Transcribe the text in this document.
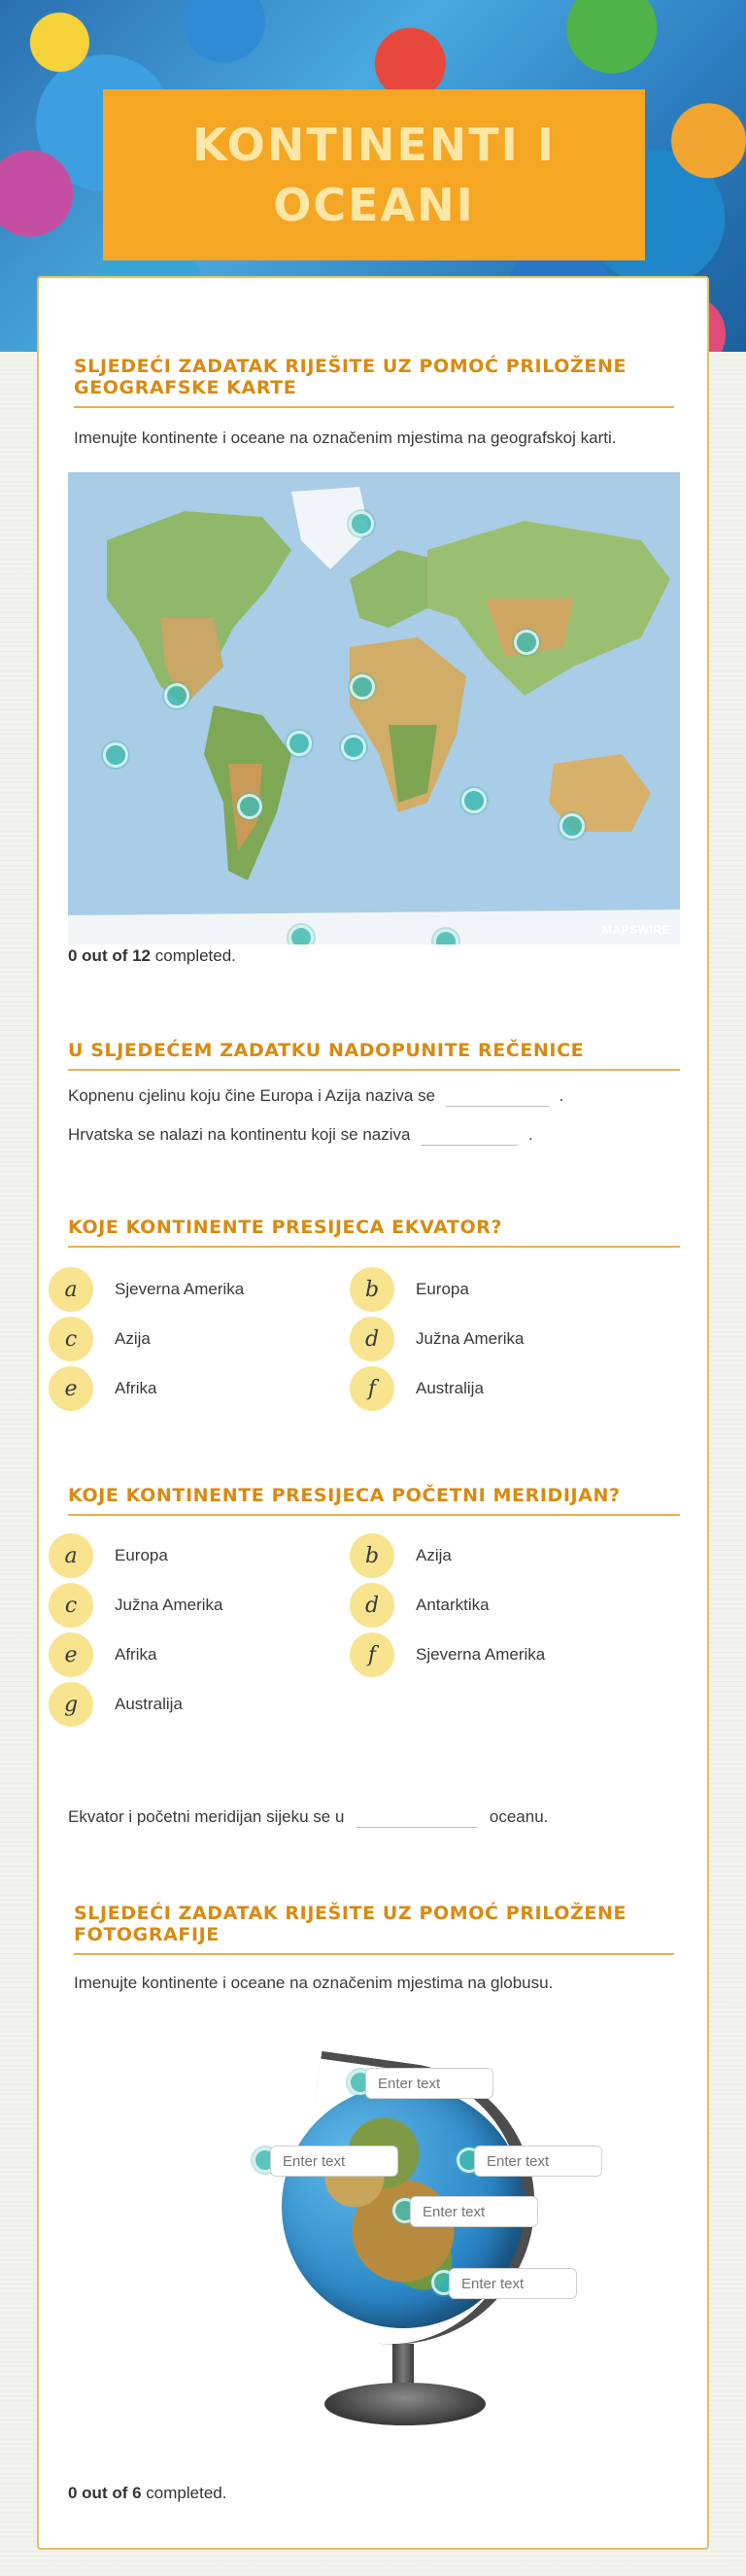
KONTINENTI I OCEANI
SLJEDEĆI ZADATAK RIJEŠITE UZ POMOĆ PRILOŽENE GEOGRAFSKE KARTE
Imenujte kontinente i oceane na označenim mjestima na geografskoj karti.
MAPSWIRE
0 out of 12 completed.
U SLJEDEĆEM ZADATKU NADOPUNITE REČENICE
Kopnenu cjelinu koju čine Europa i Azija naziva se	.
Hrvatska se nalazi na kontinentu koji se naziva	.
KOJE KONTINENTE PRESIJECA EKVATOR?
a	Sjeverna Amerika	b	Europa
c	Azija	d	Južna Amerika
e	Afrika	f	Australija
KOJE KONTINENTE PRESIJECA POČETNI MERIDIJAN?
a	Europa	b	Azija
c	Južna Amerika	d	Antarktika
e	Afrika	f	Sjeverna Amerika
g	Australija
Ekvator i početni meridijan sijeku se u	oceanu.
SLJEDEĆI ZADATAK RIJEŠITE UZ POMOĆ PRILOŽENE FOTOGRAFIJE
Imenujte kontinente i oceane na označenim mjestima na globusu.
Enter text
Enter text
Enter text
Enter text
Enter text
0 out of 6 completed.
